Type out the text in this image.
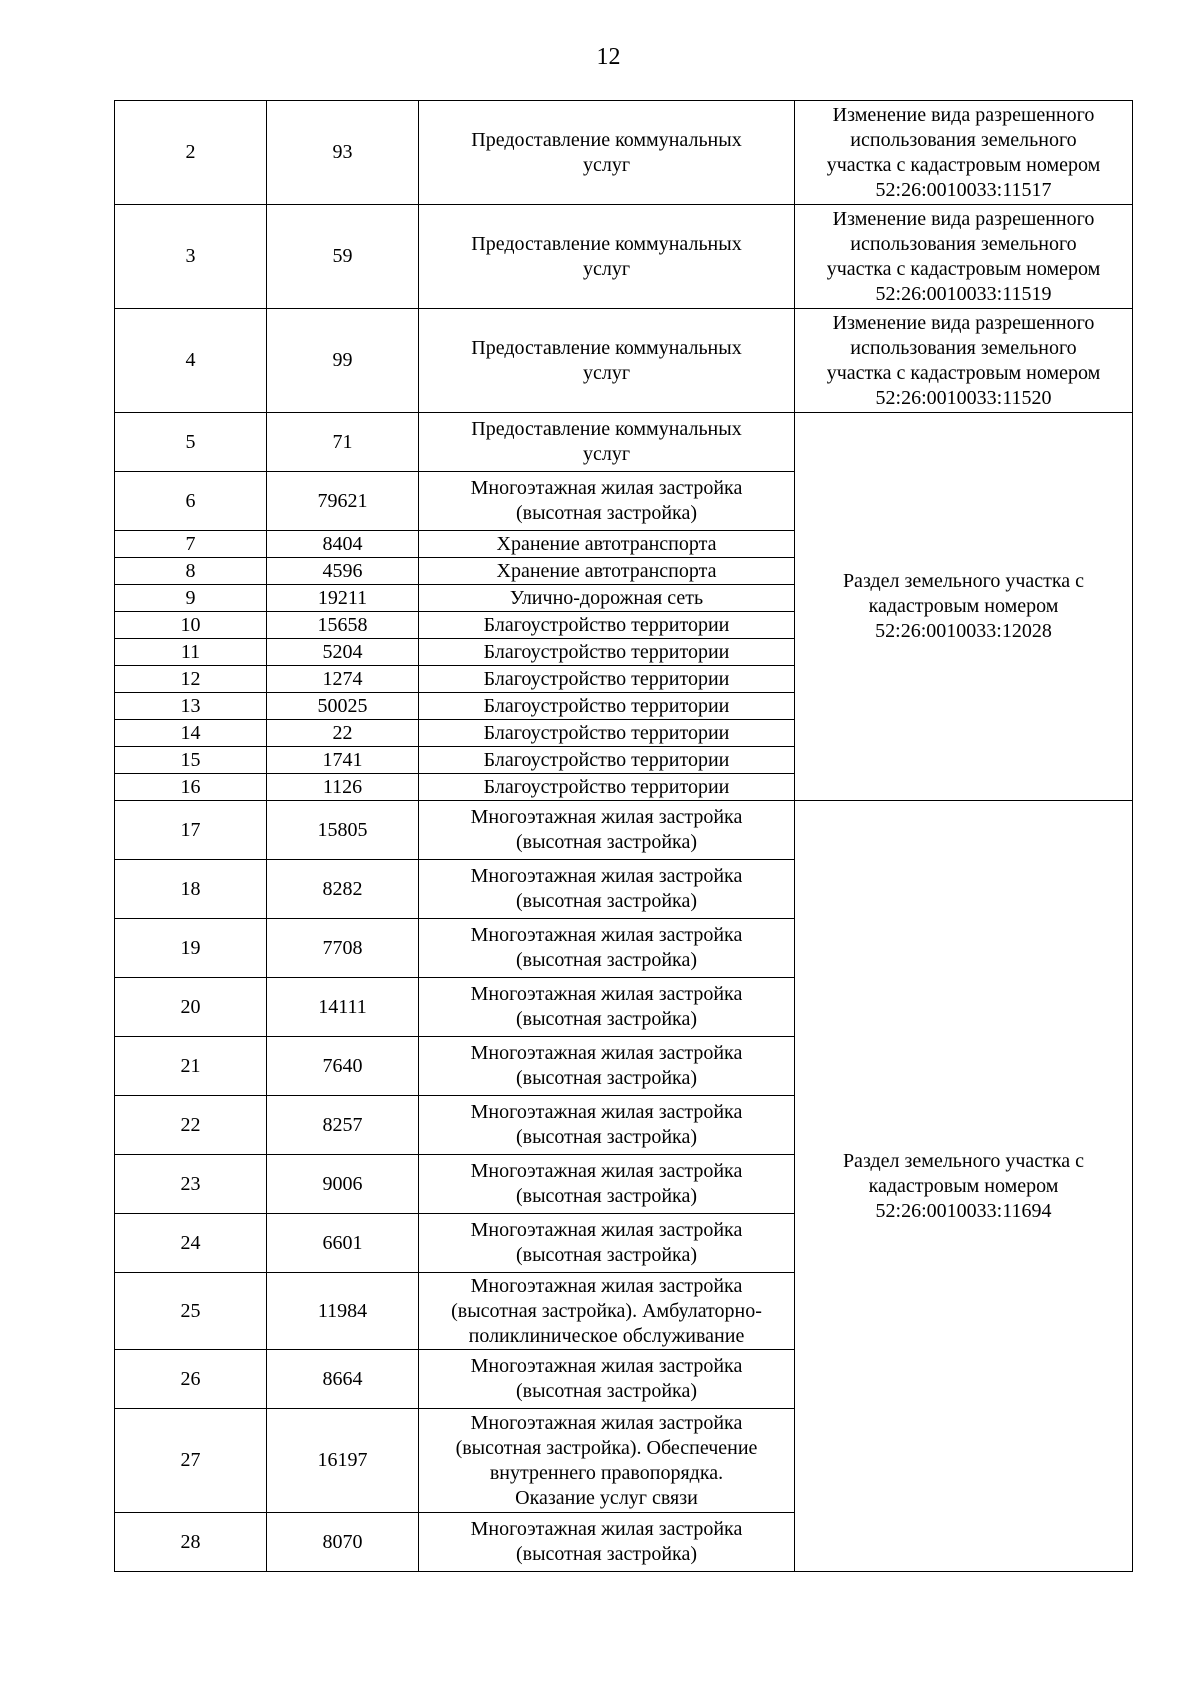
12
2	93	Предоставление коммунальных
услуг	Изменение вида разрешенного
использования земельного
участка с кадастровым номером
52:26:0010033:11517

3	59	Предоставление коммунальных
услуг	Изменение вида разрешенного
использования земельного
участка с кадастровым номером
52:26:0010033:11519

4	99	Предоставление коммунальных
услуг	Изменение вида разрешенного
использования земельного
участка с кадастровым номером
52:26:0010033:11520

5	71	Предоставление коммунальных
услуг	Раздел земельного участка с
кадастровым номером
52:26:0010033:12028

6	79621	Многоэтажная жилая застройка
(высотная застройка)	

7	8404	Хранение автотранспорта	

8	4596	Хранение автотранспорта	

9	19211	Улично-дорожная сеть	

10	15658	Благоустройство территории	

11	5204	Благоустройство территории	

12	1274	Благоустройство территории	

13	50025	Благоустройство территории	

14	22	Благоустройство территории	

15	1741	Благоустройство территории	

16	1126	Благоустройство территории	

17	15805	Многоэтажная жилая застройка
(высотная застройка)	Раздел земельного участка с
кадастровым номером
52:26:0010033:11694

18	8282	Многоэтажная жилая застройка
(высотная застройка)	

19	7708	Многоэтажная жилая застройка
(высотная застройка)	

20	14111	Многоэтажная жилая застройка
(высотная застройка)	

21	7640	Многоэтажная жилая застройка
(высотная застройка)	

22	8257	Многоэтажная жилая застройка
(высотная застройка)	

23	9006	Многоэтажная жилая застройка
(высотная застройка)	

24	6601	Многоэтажная жилая застройка
(высотная застройка)	

25	11984	Многоэтажная жилая застройка
(высотная застройка). Амбулаторно-
поликлиническое обслуживание	

26	8664	Многоэтажная жилая застройка
(высотная застройка)	

27	16197	Многоэтажная жилая застройка
(высотная застройка). Обеспечение
внутреннего правопорядка.
Оказание услуг связи	

28	8070	Многоэтажная жилая застройка
(высотная застройка)	
